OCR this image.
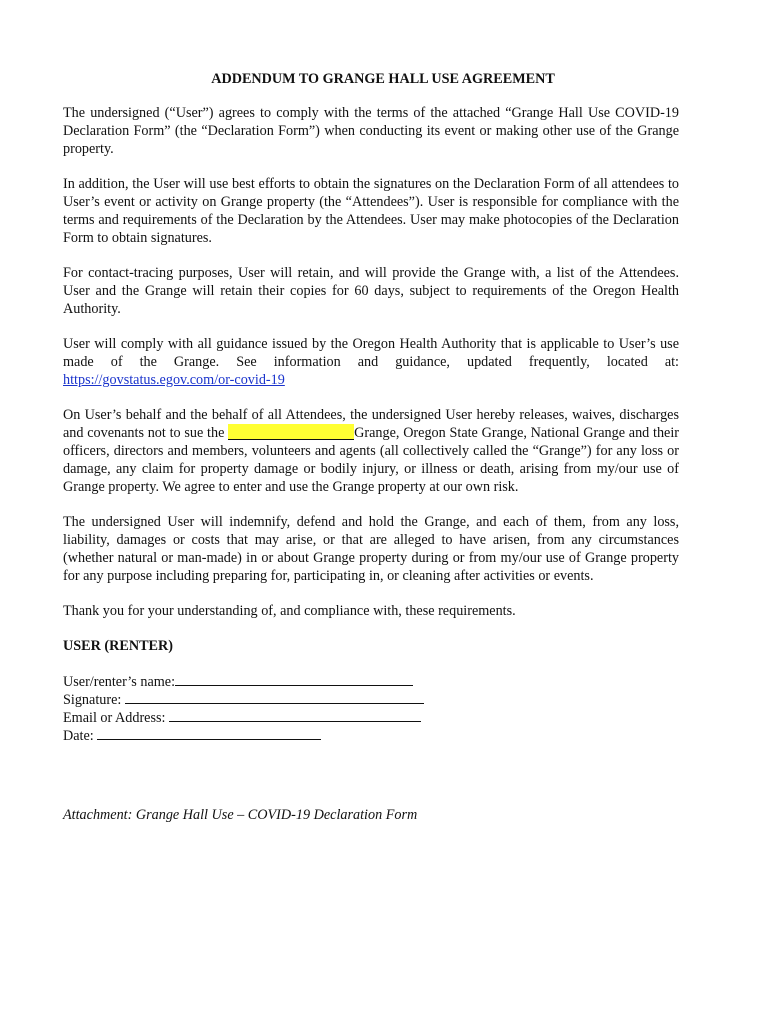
ADDENDUM TO GRANGE HALL USE AGREEMENT

The undersigned (“User”) agrees to comply with the terms of the attached “Grange Hall Use COVID-19 Declaration Form” (the “Declaration Form”) when conducting its event or making other use of the Grange property.

In addition, the User will use best efforts to obtain the signatures on the Declaration Form of all attendees to User’s event or activity on Grange property (the “Attendees”). User is responsible for compliance with the terms and requirements of the Declaration by the Attendees. User may make photocopies of the Declaration Form to obtain signatures.

For contact-tracing purposes, User will retain, and will provide the Grange with, a list of the Attendees. User and the Grange will retain their copies for 60 days, subject to requirements of the Oregon Health Authority.

User will comply with all guidance issued by the Oregon Health Authority that is applicable to User’s use made of the Grange. See information and guidance, updated frequently, located at: https://govstatus.egov.com/or-covid-19

On User’s behalf and the behalf of all Attendees, the undersigned User hereby releases, waives, discharges and covenants not to sue the	Grange, Oregon State Grange, National Grange and their officers, directors and members, volunteers and agents (all collectively called the “Grange”) for any loss or damage, any claim for property damage or bodily injury, or illness or death, arising from my/our use of Grange property. We agree to enter and use the Grange property at our own risk.

The undersigned User will indemnify, defend and hold the Grange, and each of them, from any loss, liability, damages or costs that may arise, or that are alleged to have arisen, from any circumstances (whether natural or man-made) in or about Grange property during or from my/our use of Grange property for any purpose including preparing for, participating in, or cleaning after activities or events.

Thank you for your understanding of, and compliance with, these requirements.

USER (RENTER)
User/renter’s name:
Signature:
Email or Address:
Date:
Attachment: Grange Hall Use – COVID-19 Declaration Form
